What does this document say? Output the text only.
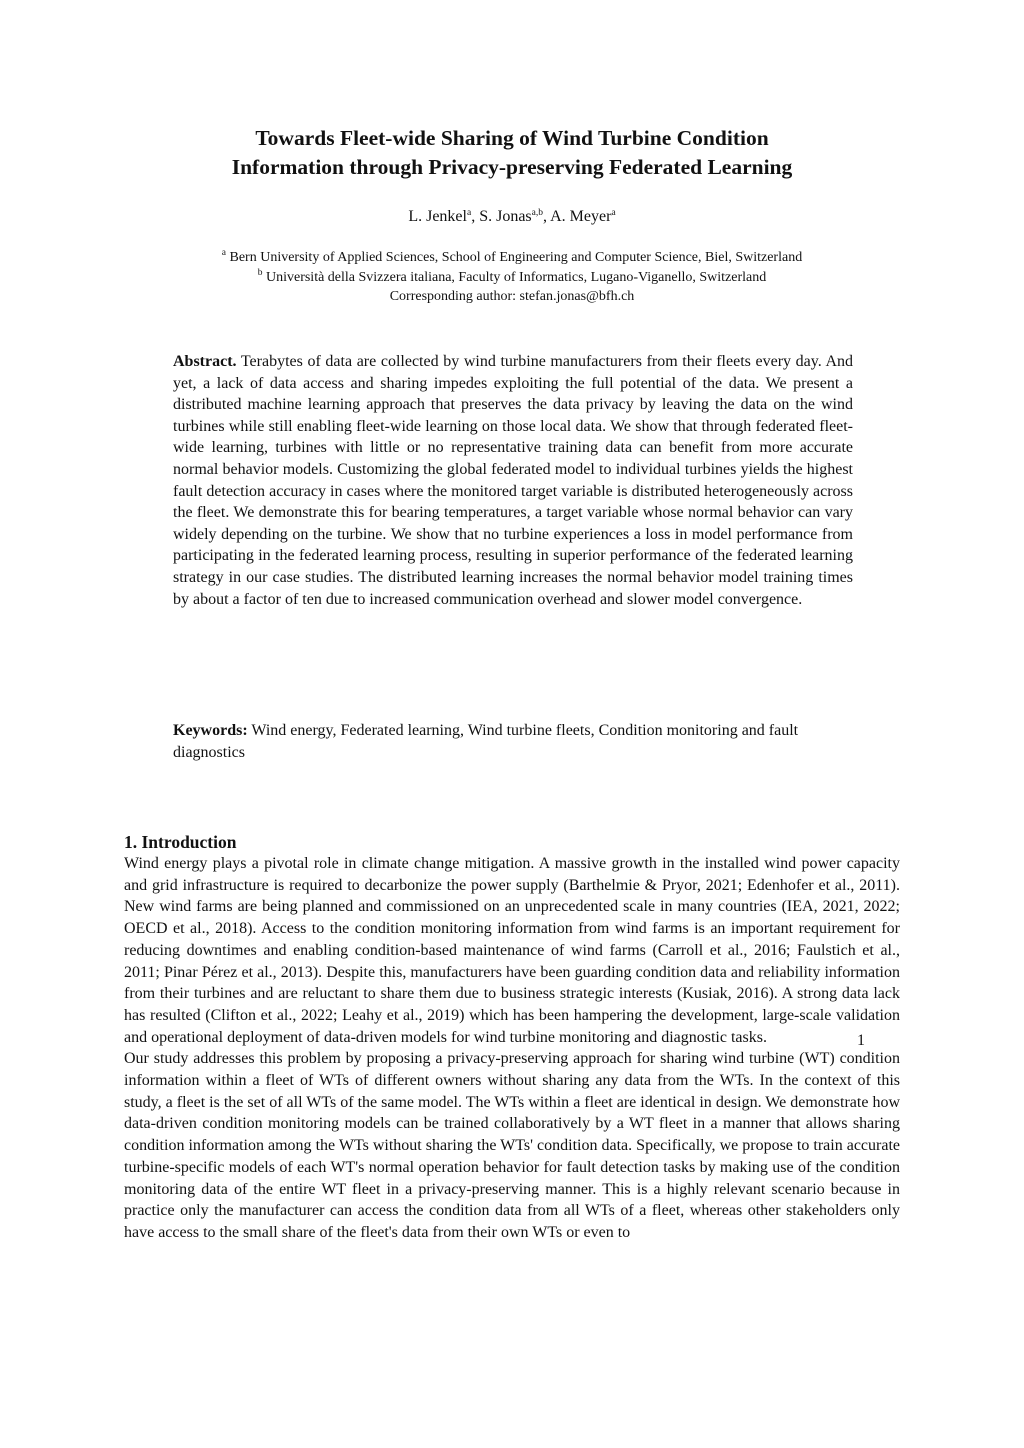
Towards Fleet-wide Sharing of Wind Turbine Condition
Information through Privacy-preserving Federated Learning
L. Jenkel$^a$, S. Jonas$^{a,b}$, A. Meyer$^a$
$^a$ Bern University of Applied Sciences, School of Engineering and Computer Science, Biel, Switzerland
$^b$ Università della Svizzera italiana, Faculty of Informatics, Lugano-Viganello, Switzerland
Corresponding author: stefan.jonas@bfh.ch
Abstract. Terabytes of data are collected by wind turbine manufacturers from their fleets every day. And yet, a lack of data access and sharing impedes exploiting the full potential of the data. We present a distributed machine learning approach that preserves the data privacy by leaving the data on the wind turbines while still enabling fleet-wide learning on those local data. We show that through federated fleet-wide learning, turbines with little or no representative training data can benefit from more accurate normal behavior models. Customizing the global federated model to individual turbines yields the highest fault detection accuracy in cases where the monitored target variable is distributed heterogeneously across the fleet. We demonstrate this for bearing temperatures, a target variable whose normal behavior can vary widely depending on the turbine. We show that no turbine experiences a loss in model performance from participating in the federated learning process, resulting in superior performance of the federated learning strategy in our case studies. The distributed learning increases the normal behavior model training times by about a factor of ten due to increased communication overhead and slower model convergence.
Keywords: Wind energy, Federated learning, Wind turbine fleets, Condition monitoring and fault diagnostics
1. Introduction

Wind energy plays a pivotal role in climate change mitigation. A massive growth in the installed wind power capacity and grid infrastructure is required to decarbonize the power supply (Barthelmie & Pryor, 2021; Edenhofer et al., 2011). New wind farms are being planned and commissioned on an unprecedented scale in many countries (IEA, 2021, 2022; OECD et al., 2018). Access to the condition monitoring information from wind farms is an important requirement for reducing downtimes and enabling condition-based maintenance of wind farms (Carroll et al., 2016; Faulstich et al., 2011; Pinar Pérez et al., 2013). Despite this, manufacturers have been guarding condition data and reliability information from their turbines and are reluctant to share them due to business strategic interests (Kusiak, 2016). A strong data lack has resulted (Clifton et al., 2022; Leahy et al., 2019) which has been hampering the development, large-scale validation and operational deployment of data-driven models for wind turbine monitoring and diagnostic tasks.

Our study addresses this problem by proposing a privacy-preserving approach for sharing wind turbine (WT) condition information within a fleet of WTs of different owners without sharing any data from the WTs. In the context of this study, a fleet is the set of all WTs of the same model. The WTs within a fleet are identical in design. We demonstrate how data-driven condition monitoring models can be trained collaboratively by a WT fleet in a manner that allows sharing condition information among the WTs without sharing the WTs' condition data. Specifically, we propose to train accurate turbine-specific models of each WT's normal operation behavior for fault detection tasks by making use of the condition monitoring data of the entire WT fleet in a privacy-preserving manner. This is a highly relevant scenario because in practice only the manufacturer can access the condition data from all WTs of a fleet, whereas other stakeholders only have access to the small share of the fleet's data from their own WTs or even to

1
